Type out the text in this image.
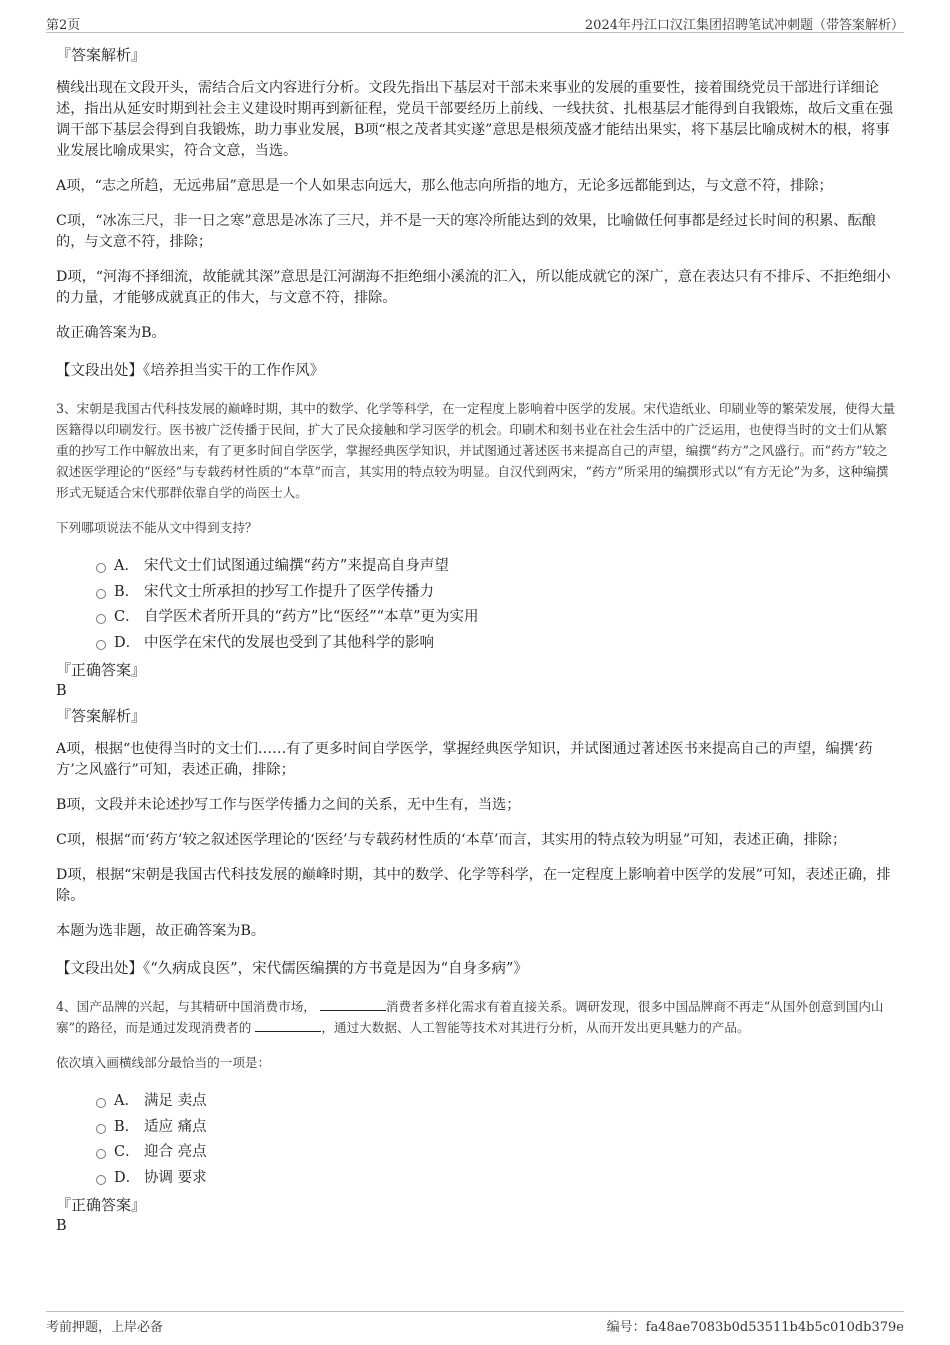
第2页	2024年丹江口汉江集团招聘笔试冲刺题（带答案解析）
『答案解析』

横线出现在文段开头，需结合后文内容进行分析。文段先指出下基层对干部未来事业的发展的重要性，接着围绕党员干部进行详细论述，指出从延安时期到社会主义建设时期再到新征程，党员干部要经历上前线、一线扶贫、扎根基层才能得到自我锻炼，故后文重在强调干部下基层会得到自我锻炼，助力事业发展，B项“根之茂者其实遂”意思是根须茂盛才能结出果实，将下基层比喻成树木的根，将事业发展比喻成果实，符合文意，当选。

A项，“志之所趋，无远弗届”意思是一个人如果志向远大，那么他志向所指的地方，无论多远都能到达，与文意不符，排除；

C项，“冰冻三尺，非一日之寒”意思是冰冻了三尺，并不是一天的寒冷所能达到的效果，比喻做任何事都是经过长时间的积累、酝酿的，与文意不符，排除；

D项，“河海不择细流，故能就其深”意思是江河湖海不拒绝细小溪流的汇入，所以能成就它的深广，意在表达只有不排斥、不拒绝细小的力量，才能够成就真正的伟大，与文意不符，排除。

故正确答案为B。

【文段出处】《培养担当实干的工作作风》

3、宋朝是我国古代科技发展的巅峰时期，其中的数学、化学等科学，在一定程度上影响着中医学的发展。宋代造纸业、印刷业等的繁荣发展，使得大量医籍得以印刷发行。医书被广泛传播于民间，扩大了民众接触和学习医学的机会。印刷术和刻书业在社会生活中的广泛运用，也使得当时的文士们从繁重的抄写工作中解放出来，有了更多时间自学医学，掌握经典医学知识，并试图通过著述医书来提高自己的声望，编撰“药方”之风盛行。而“药方”较之叙述医学理论的“医经”与专载药材性质的“本草”而言，其实用的特点较为明显。自汉代到两宋，“药方”所采用的编撰形式以“有方无论”为多，这种编撰形式无疑适合宋代那群依靠自学的尚医士人。

下列哪项说法不能从文中得到支持？

A． 宋代文士们试图通过编撰“药方”来提高自身声望
B． 宋代文士所承担的抄写工作提升了医学传播力
C． 自学医术者所开具的“药方”比“医经”“本草”更为实用
D． 中医学在宋代的发展也受到了其他科学的影响
『正确答案』

B

『答案解析』

A项，根据“也使得当时的文士们……有了更多时间自学医学，掌握经典医学知识，并试图通过著述医书来提高自己的声望，编撰‘药方’之风盛行”可知，表述正确，排除；

B项，文段并未论述抄写工作与医学传播力之间的关系，无中生有，当选；

C项，根据“而‘药方’较之叙述医学理论的‘医经’与专载药材性质的‘本草’而言，其实用的特点较为明显”可知，表述正确，排除；

D项，根据“宋朝是我国古代科技发展的巅峰时期，其中的数学、化学等科学，在一定程度上影响着中医学的发展”可知，表述正确，排除。

本题为选非题，故正确答案为B。

【文段出处】《“久病成良医”，宋代儒医编撰的方书竟是因为“自身多病”》

4、国产品牌的兴起，与其精研中国消费市场，	消费者多样化需求有着直接关系。调研发现，很多中国品牌商不再走“从国外创意到国内山寨”的路径，而是通过发现消费者的	，通过大数据、人工智能等技术对其进行分析，从而开发出更具魅力的产品。

依次填入画横线部分最恰当的一项是：

A． 满足 卖点
B． 适应 痛点
C． 迎合 亮点
D． 协调 要求
『正确答案』

B

考前押题，上岸必备	编号：fa48ae7083b0d53511b4b5c010db379e
